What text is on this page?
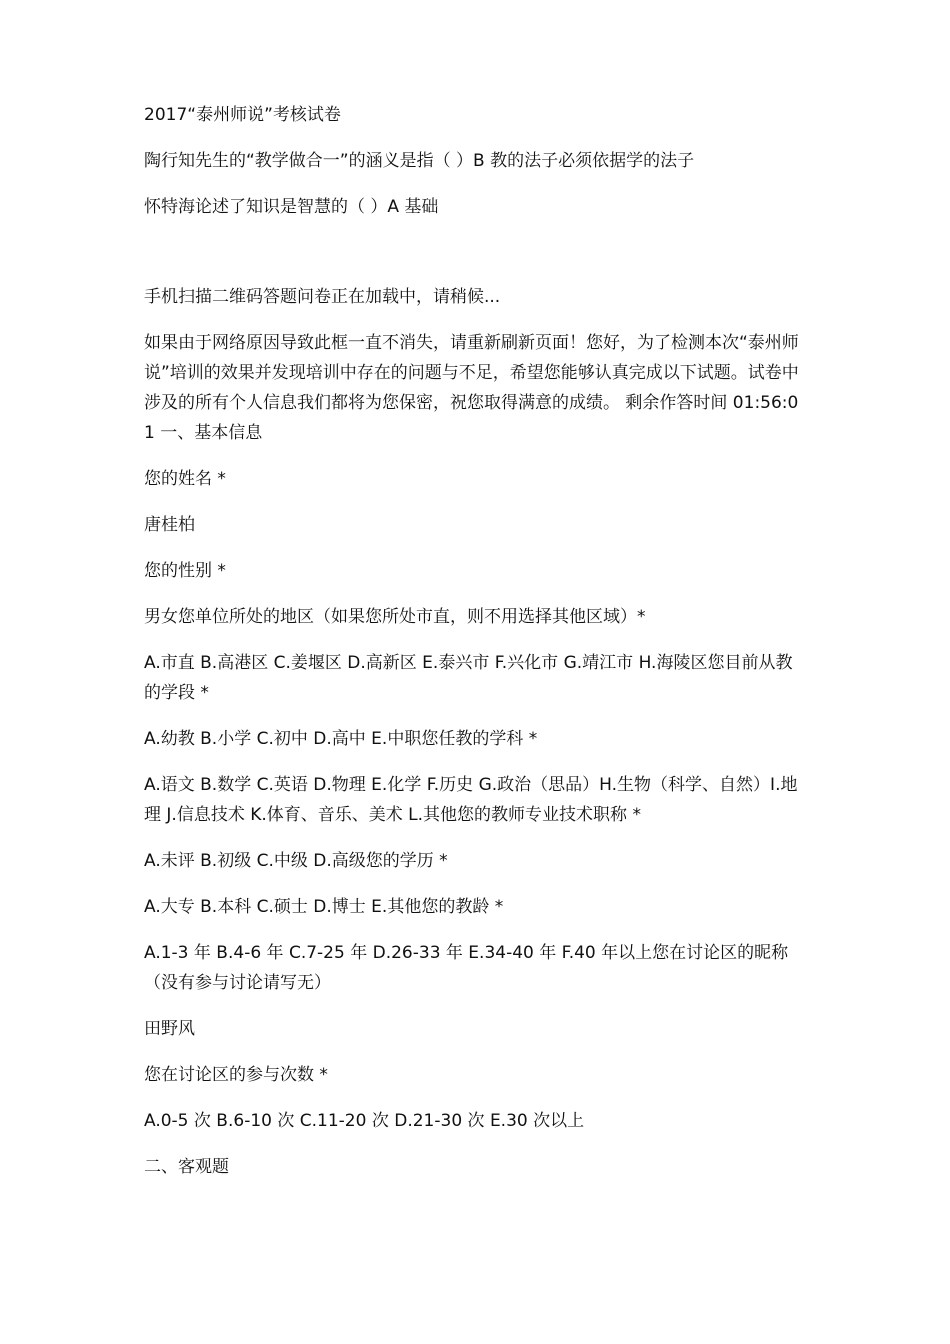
2017“泰州师说”考核试卷

陶行知先生的“教学做合一”的涵义是指（ ）B 教的法子必须依据学的法子

怀特海论述了知识是智慧的（ ）A 基础

手机扫描二维码答题问卷正在加载中，请稍候...

如果由于网络原因导致此框一直不消失，请重新刷新页面！您好，为了检测本次“泰州师说”培训的效果并发现培训中存在的问题与不足，希望您能够认真完成以下试题。试卷中涉及的所有个人信息我们都将为您保密，祝您取得满意的成绩。 剩余作答时间 01:56:01 一、基本信息

您的姓名 *

唐桂柏

您的性别 *

男女您单位所处的地区（如果您所处市直，则不用选择其他区域）*

A.市直 B.高港区 C.姜堰区 D.高新区 E.泰兴市 F.兴化市 G.靖江市 H.海陵区您目前从教的学段 *

A.幼教 B.小学 C.初中 D.高中 E.中职您任教的学科 *

A.语文 B.数学 C.英语 D.物理 E.化学 F.历史 G.政治（思品）H.生物（科学、自然）I.地理 J.信息技术 K.体育、音乐、美术 L.其他您的教师专业技术职称 *

A.未评 B.初级 C.中级 D.高级您的学历 *

A.大专 B.本科 C.硕士 D.博士 E.其他您的教龄 *

A.1-3 年 B.4-6 年 C.7-25 年 D.26-33 年 E.34-40 年 F.40 年以上您在讨论区的昵称（没有参与讨论请写无）

田野风

您在讨论区的参与次数 *

A.0-5 次 B.6-10 次 C.11-20 次 D.21-30 次 E.30 次以上

二、客观题
